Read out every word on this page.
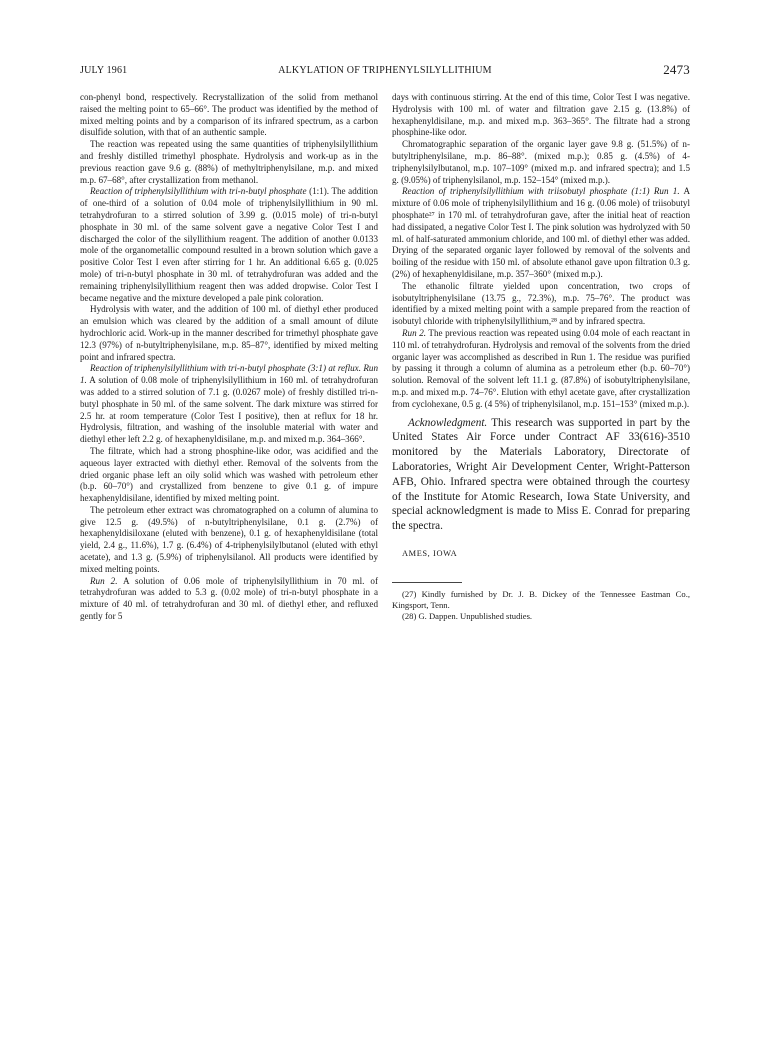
JULY 1961	ALKYLATION OF TRIPHENYLSILYLLITHIUM	2473

con-phenyl bond, respectively. Recrystallization of the solid from methanol raised the melting point to 65–66°. The product was identified by the method of mixed melting points and by a comparison of its infrared spectrum, as a carbon disulfide solution, with that of an authentic sample.

The reaction was repeated using the same quantities of triphenylsilyllithium and freshly distilled trimethyl phosphate. Hydrolysis and work-up as in the previous reaction gave 9.6 g. (88%) of methyltriphenylsilane, m.p. and mixed m.p. 67–68°, after crystallization from methanol.

Reaction of triphenylsilyllithium with tri-n-butyl phosphate (1:1). The addition of one-third of a solution of 0.04 mole of triphenylsilyllithium in 90 ml. tetrahydrofuran to a stirred solution of 3.99 g. (0.015 mole) of tri-n-butyl phosphate in 30 ml. of the same solvent gave a negative Color Test I and discharged the color of the silyllithium reagent. The addition of another 0.0133 mole of the organometallic compound resulted in a brown solution which gave a positive Color Test I even after stirring for 1 hr. An additional 6.65 g. (0.025 mole) of tri-n-butyl phosphate in 30 ml. of tetrahydrofuran was added and the remaining triphenylsilyllithium reagent then was added dropwise. Color Test I became negative and the mixture developed a pale pink coloration.

Hydrolysis with water, and the addition of 100 ml. of diethyl ether produced an emulsion which was cleared by the addition of a small amount of dilute hydrochloric acid. Work-up in the manner described for trimethyl phosphate gave 12.3 (97%) of n-butyltriphenylsilane, m.p. 85–87°, identified by mixed melting point and infrared spectra.

Reaction of triphenylsilyllithium with tri-n-butyl phosphate (3:1) at reflux. Run 1. A solution of 0.08 mole of triphenylsilyllithium in 160 ml. of tetrahydrofuran was added to a stirred solution of 7.1 g. (0.0267 mole) of freshly distilled tri-n-butyl phosphate in 50 ml. of the same solvent. The dark mixture was stirred for 2.5 hr. at room temperature (Color Test I positive), then at reflux for 18 hr. Hydrolysis, filtration, and washing of the insoluble material with water and diethyl ether left 2.2 g. of hexaphenyldisilane, m.p. and mixed m.p. 364–366°.

The filtrate, which had a strong phosphine-like odor, was acidified and the aqueous layer extracted with diethyl ether. Removal of the solvents from the dried organic phase left an oily solid which was washed with petroleum ether (b.p. 60–70°) and crystallized from benzene to give 0.1 g. of impure hexaphenyldisilane, identified by mixed melting point.

The petroleum ether extract was chromatographed on a column of alumina to give 12.5 g. (49.5%) of n-butyltriphenylsilane, 0.1 g. (2.7%) of hexaphenyldisiloxane (eluted with benzene), 0.1 g. of hexaphenyldisilane (total yield, 2.4 g., 11.6%), 1.7 g. (6.4%) of 4-triphenylsilylbutanol (eluted with ethyl acetate), and 1.3 g. (5.9%) of triphenylsilanol. All products were identified by mixed melting points.

Run 2. A solution of 0.06 mole of triphenylsilyllithium in 70 ml. of tetrahydrofuran was added to 5.3 g. (0.02 mole) of tri-n-butyl phosphate in a mixture of 40 ml. of tetrahydrofuran and 30 ml. of diethyl ether, and refluxed gently for 5

days with continuous stirring. At the end of this time, Color Test I was negative. Hydrolysis with 100 ml. of water and filtration gave 2.15 g. (13.8%) of hexaphenyldisilane, m.p. and mixed m.p. 363–365°. The filtrate had a strong phosphine-like odor.

Chromatographic separation of the organic layer gave 9.8 g. (51.5%) of n-butyltriphenylsilane, m.p. 86–88°. (mixed m.p.); 0.85 g. (4.5%) of 4-triphenylsilylbutanol, m.p. 107–109° (mixed m.p. and infrared spectra); and 1.5 g. (9.05%) of triphenylsilanol, m.p. 152–154° (mixed m.p.).

Reaction of triphenylsilyllithium with triisobutyl phosphate (1:1) Run 1. A mixture of 0.06 mole of triphenylsilyllithium and 16 g. (0.06 mole) of triisobutyl phosphate²⁷ in 170 ml. of tetrahydrofuran gave, after the initial heat of reaction had dissipated, a negative Color Test I. The pink solution was hydrolyzed with 50 ml. of half-saturated ammonium chloride, and 100 ml. of diethyl ether was added. Drying of the separated organic layer followed by removal of the solvents and boiling of the residue with 150 ml. of absolute ethanol gave upon filtration 0.3 g. (2%) of hexaphenyldisilane, m.p. 357–360° (mixed m.p.).

The ethanolic filtrate yielded upon concentration, two crops of isobutyltriphenylsilane (13.75 g., 72.3%), m.p. 75–76°. The product was identified by a mixed melting point with a sample prepared from the reaction of isobutyl chloride with triphenylsilyllithium,²⁸ and by infrared spectra.

Run 2. The previous reaction was repeated using 0.04 mole of each reactant in 110 ml. of tetrahydrofuran. Hydrolysis and removal of the solvents from the dried organic layer was accomplished as described in Run 1. The residue was purified by passing it through a column of alumina as a petroleum ether (b.p. 60–70°) solution. Removal of the solvent left 11.1 g. (87.8%) of isobutyltriphenylsilane, m.p. and mixed m.p. 74–76°. Elution with ethyl acetate gave, after crystallization from cyclohexane, 0.5 g. (4 5%) of triphenylsilanol, m.p. 151–153° (mixed m.p.).

Acknowledgment. This research was supported in part by the United States Air Force under Contract AF 33(616)-3510 monitored by the Materials Laboratory, Directorate of Laboratories, Wright Air Development Center, Wright-Patterson AFB, Ohio. Infrared spectra were obtained through the courtesy of the Institute for Atomic Research, Iowa State University, and special acknowledgment is made to Miss E. Conrad for preparing the spectra.

AMES, IOWA

(27) Kindly furnished by Dr. J. B. Dickey of the Tennessee Eastman Co., Kingsport, Tenn.

(28) G. Dappen. Unpublished studies.
